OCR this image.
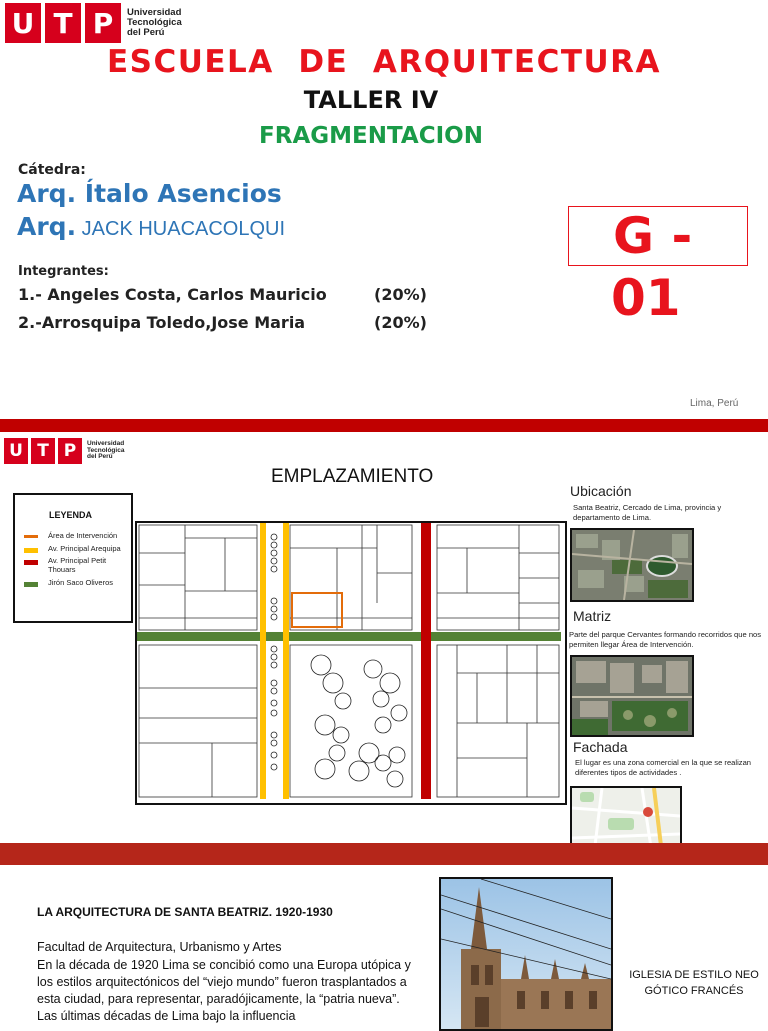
U T P	Universidad
Tecnológica
del Perú
ESCUELA  DE  ARQUITECTURA
TALLER IV
FRAGMENTACION
Cátedra:
Arq. Ítalo Asencios
Arq. JACK HUACACOLQUI
Integrantes:
1.- Angeles Costa, Carlos Mauricio	(20%)
2.-Arrosquipa Toledo,Jose Maria	(20%)
G -
01
Lima, Perú
U T P	Universidad
Tecnológica
del Perú
EMPLAZAMIENTO
LEYENDA
Área de Intervención
Av. Principal Arequipa
Av. Principal Petit Thouars
Jirón Saco Oliveros
Ubicación
Santa Beatriz, Cercado de Lima, provincia y departamento de Lima.
Matriz
Parte del parque Cervantes formando recorridos que nos permiten llegar Área de Intervención.
Fachada
El lugar es una zona comercial en la que se realizan diferentes tipos de actividades .
LA ARQUITECTURA DE SANTA BEATRIZ. 1920-1930
Facultad de Arquitectura, Urbanismo y Artes
En la década de 1920 Lima se concibió como una Europa utópica y los estilos arquitectónicos del “viejo mundo” fueron trasplantados a esta ciudad, para representar, paradójicamente, la “patria nueva”. Las últimas décadas de Lima bajo la influencia
IGLESIA DE ESTILO NEO GÓTICO FRANCÉS
